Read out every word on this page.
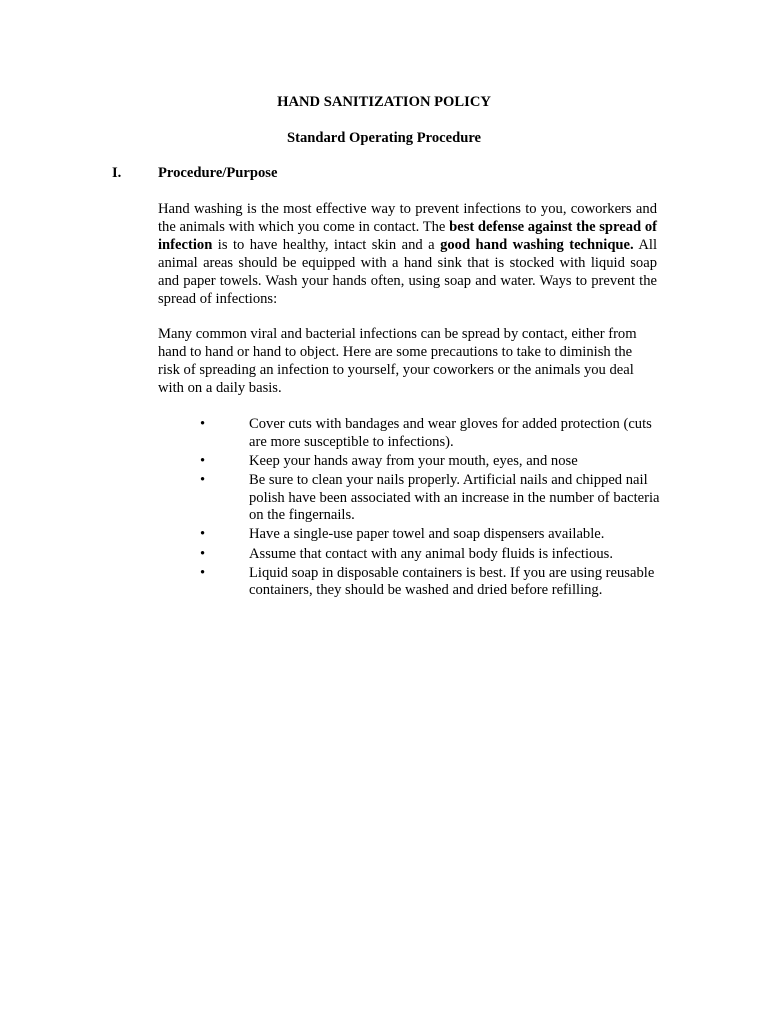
HAND SANITIZATION POLICY
Standard Operating Procedure
I.	Procedure/Purpose

Hand washing is the most effective way to prevent infections to you, coworkers and the animals with which you come in contact. The best defense against the spread of infection is to have healthy, intact skin and a good hand washing technique. All animal areas should be equipped with a hand sink that is stocked with liquid soap and paper towels. Wash your hands often, using soap and water. Ways to prevent the spread of infections:

Many common viral and bacterial infections can be spread by contact, either from hand to hand or hand to object. Here are some precautions to take to diminish the risk of spreading an infection to yourself, your coworkers or the animals you deal with on a daily basis.

•	Cover cuts with bandages and wear gloves for added protection (cuts are more susceptible to infections).
•	Keep your hands away from your mouth, eyes, and nose
•	Be sure to clean your nails properly. Artificial nails and chipped nail polish have been associated with an increase in the number of bacteria on the fingernails.
•	Have a single-use paper towel and soap dispensers available.
•	Assume that contact with any animal body fluids is infectious.
•	Liquid soap in disposable containers is best. If you are using reusable containers, they should be washed and dried before refilling.
